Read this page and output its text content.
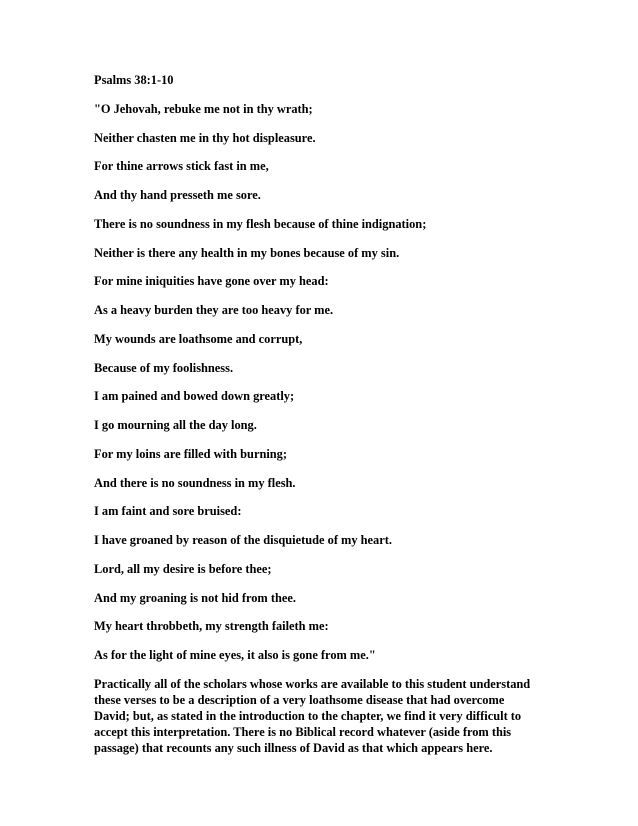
Psalms 38:1-10
"O Jehovah, rebuke me not in thy wrath;
Neither chasten me in thy hot displeasure.
For thine arrows stick fast in me,
And thy hand presseth me sore.
There is no soundness in my flesh because of thine indignation;
Neither is there any health in my bones because of my sin.
For mine iniquities have gone over my head:
As a heavy burden they are too heavy for me.
My wounds are loathsome and corrupt,
Because of my foolishness.
I am pained and bowed down greatly;
I go mourning all the day long.
For my loins are filled with burning;
And there is no soundness in my flesh.
I am faint and sore bruised:
I have groaned by reason of the disquietude of my heart.
Lord, all my desire is before thee;
And my groaning is not hid from thee.
My heart throbbeth, my strength faileth me:
As for the light of mine eyes, it also is gone from me."
Practically all of the scholars whose works are available to this student understand
these verses to be a description of a very loathsome disease that had overcome
David; but, as stated in the introduction to the chapter, we find it very difficult to
accept this interpretation. There is no Biblical record whatever (aside from this
passage) that recounts any such illness of David as that which appears here.
